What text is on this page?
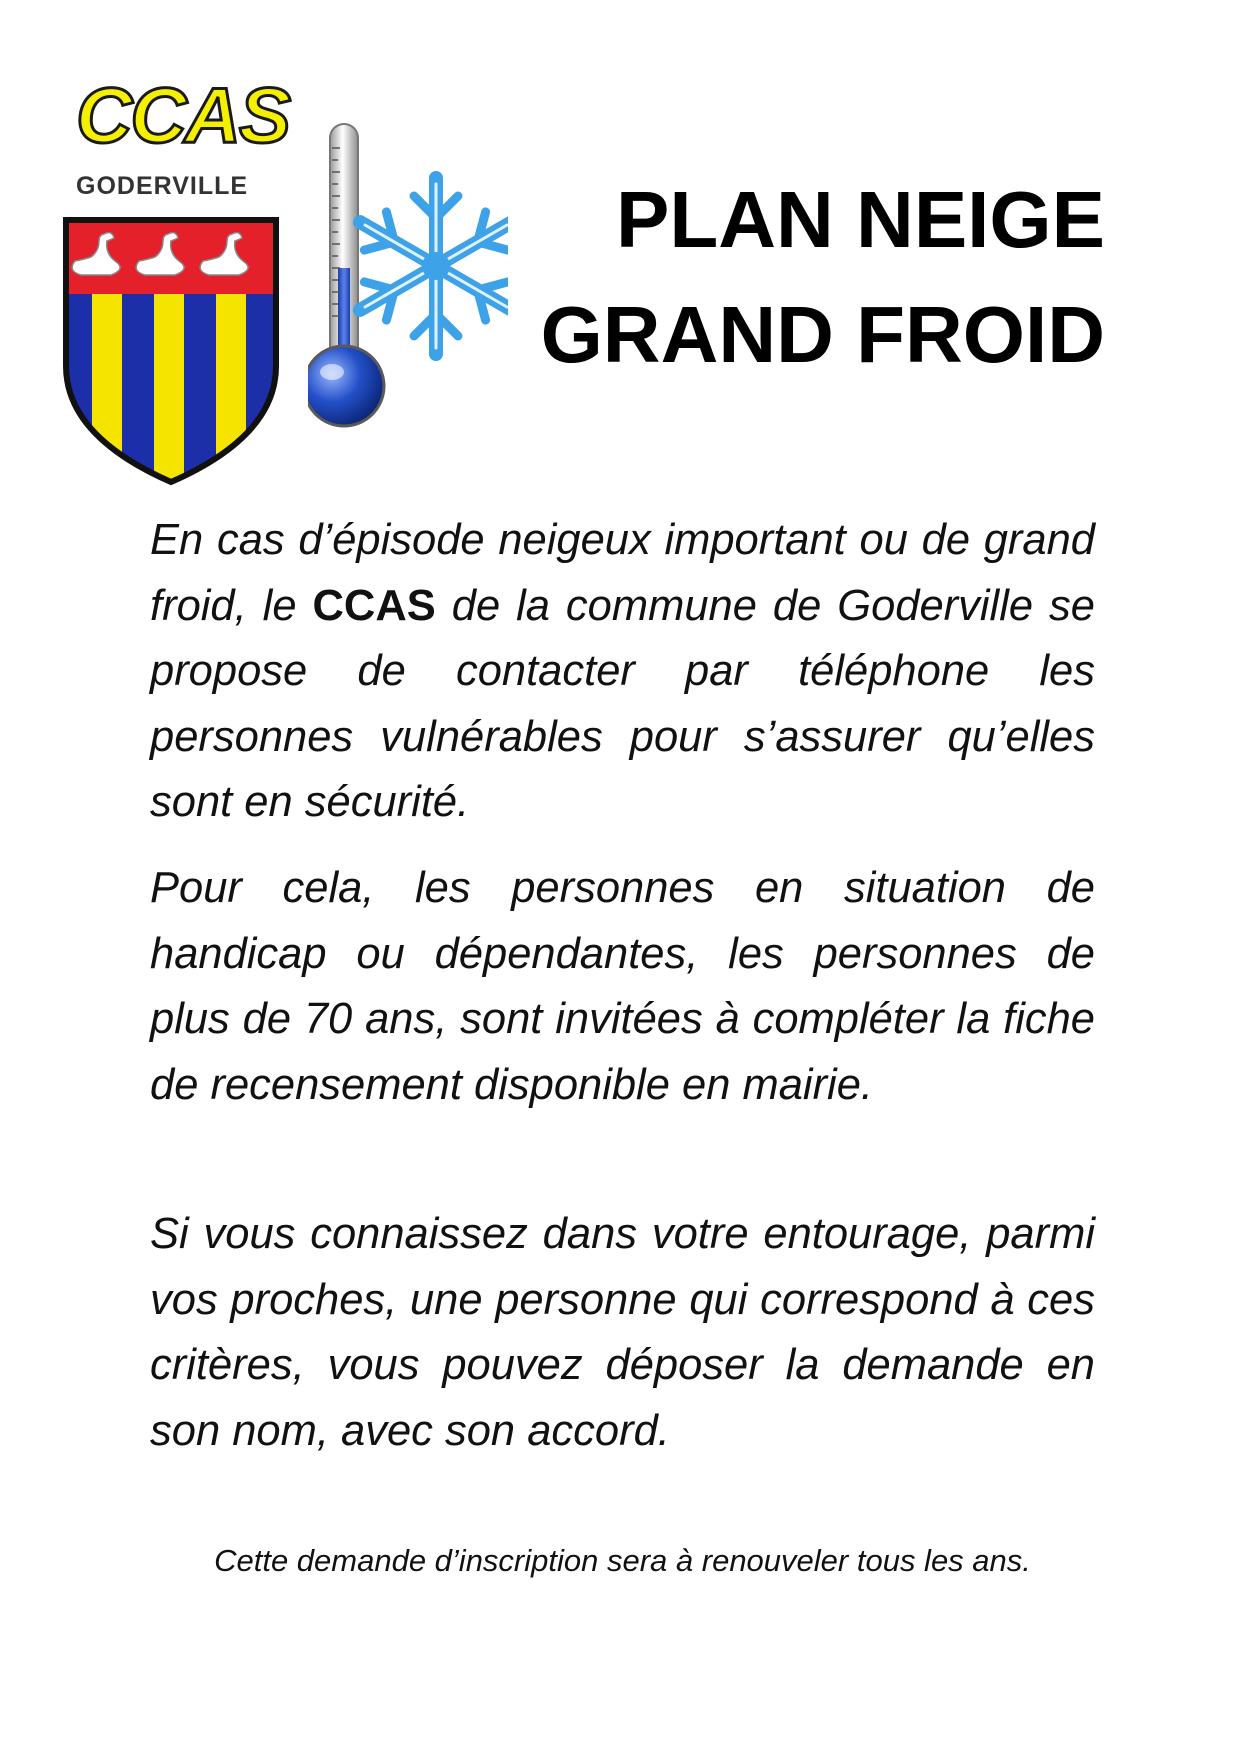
CCAS
GODERVILLE	PLAN NEIGE
GRAND FROID

En cas d’épisode neigeux important ou de grand froid, le CCAS de la commune de Goderville se propose de contacter par téléphone les personnes vulnérables pour s’assurer qu’elles sont en sécurité.

Pour cela, les personnes en situation de handicap ou dépendantes, les personnes de plus de 70 ans, sont invitées à compléter la fiche de recensement disponible en mairie.

Si vous connaissez dans votre entourage, parmi vos proches, une personne qui correspond à ces critères, vous pouvez déposer la demande en son nom, avec son accord.

Cette demande d’inscription sera à renouveler tous les ans.
